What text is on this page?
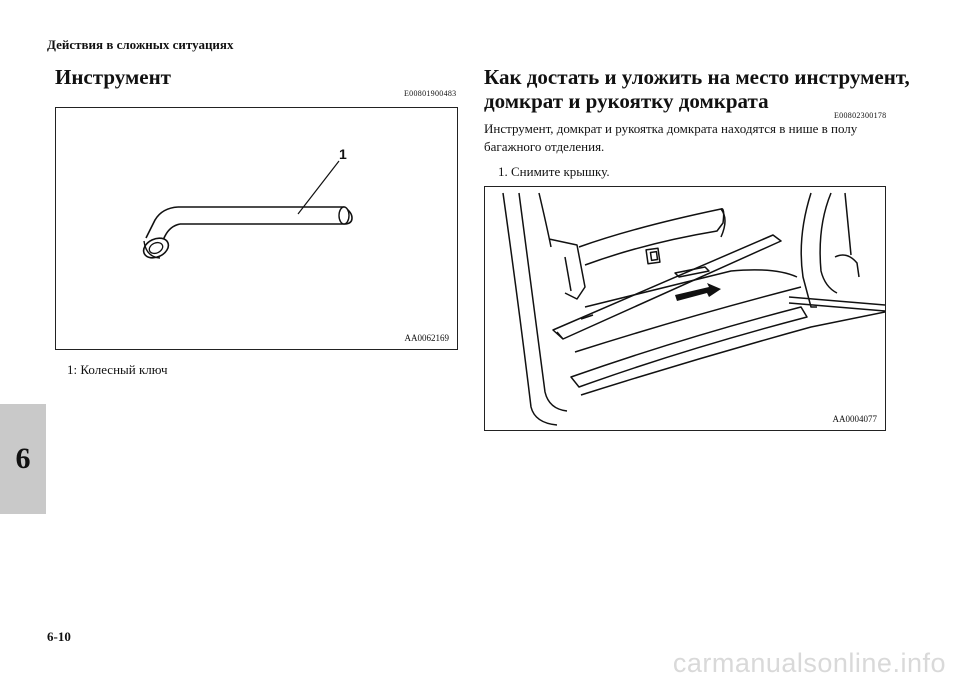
Действия в сложных ситуациях
Инструмент
E00801900483
1
AA0062169
1: Колесный ключ
Как достать и уложить на место инструмент,
домкрат и рукоятку домкрата
E00802300178
Инструмент, домкрат и рукоятка домкрата находятся в нише в полу
багажного отделения.
1. Снимите крышку.
AA0004077
6
6-10
carmanualsonline.info
